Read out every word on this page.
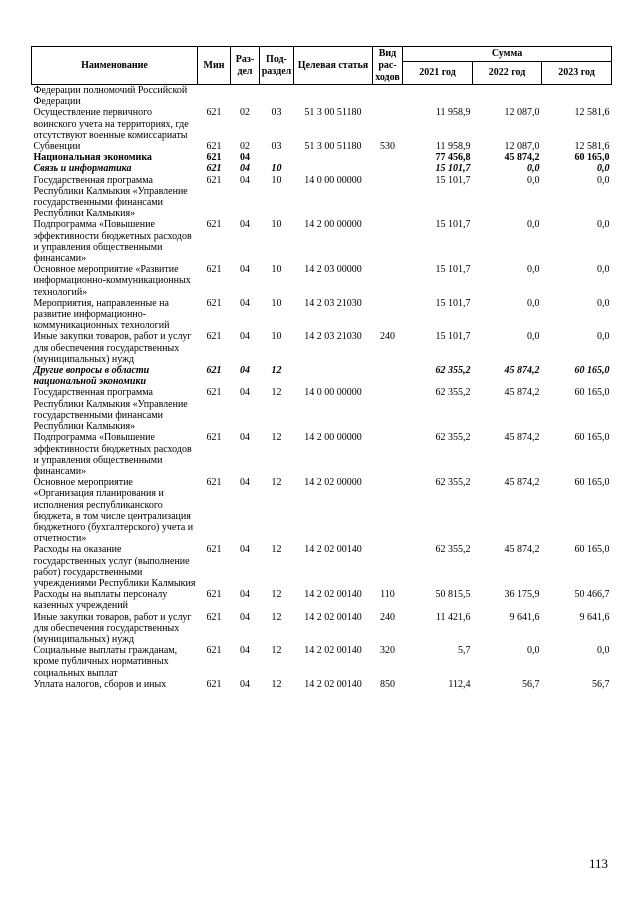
Наименование	Мин	Раз-дел	Под-раздел	Целевая статья	Вид рас-ходов	Сумма		
						2021 год	2022 год	2023 год
Федерации полномочий Российской Федерации								
Осуществление первичного воинского учета на территориях, где отсутствуют военные комиссариаты	621	02	03	51 3 00 51180		11 958,9	12 087,0	12 581,6
Субвенции	621	02	03	51 3 00 51180	530	11 958,9	12 087,0	12 581,6
Национальная экономика	621	04				77 456,8	45 874,2	60 165,0
Связь и информатика	621	04	10			15 101,7	0,0	0,0
Государственная программа Республики Калмыкия «Управление государственными финансами Республики Калмыкия»	621	04	10	14 0 00 00000		15 101,7	0,0	0,0
Подпрограмма «Повышение эффективности бюджетных расходов и управления общественными финансами»	621	04	10	14 2 00 00000		15 101,7	0,0	0,0
Основное мероприятие «Развитие информационно-коммуникационных технологий»	621	04	10	14 2 03 00000		15 101,7	0,0	0,0
Мероприятия, направленные на развитие информационно-коммуникационных технологий	621	04	10	14 2 03 21030		15 101,7	0,0	0,0
Иные закупки товаров, работ и услуг для обеспечения государственных (муниципальных) нужд	621	04	10	14 2 03 21030	240	15 101,7	0,0	0,0
Другие вопросы в области национальной экономики	621	04	12			62 355,2	45 874,2	60 165,0
Государственная программа Республики Калмыкия «Управление государственными финансами Республики Калмыкия»	621	04	12	14 0 00 00000		62 355,2	45 874,2	60 165,0
Подпрограмма «Повышение эффективности бюджетных расходов и управления общественными финансами»	621	04	12	14 2 00 00000		62 355,2	45 874,2	60 165,0
Основное мероприятие «Организация планирования и исполнения республиканского бюджета, в том числе централизация бюджетного (бухгалтерского) учета и отчетности»	621	04	12	14 2 02 00000		62 355,2	45 874,2	60 165,0
Расходы на оказание государственных услуг (выполнение работ) государственными учреждениями Республики Калмыкия	621	04	12	14 2 02 00140		62 355,2	45 874,2	60 165,0
Расходы на выплаты персоналу казенных учреждений	621	04	12	14 2 02 00140	110	50 815,5	36 175,9	50 466,7
Иные закупки товаров, работ и услуг для обеспечения государственных (муниципальных) нужд	621	04	12	14 2 02 00140	240	11 421,6	9 641,6	9 641,6
Социальные выплаты гражданам, кроме публичных нормативных социальных выплат	621	04	12	14 2 02 00140	320	5,7	0,0	0,0
Уплата налогов, сборов и иных	621	04	12	14 2 02 00140	850	112,4	56,7	56,7
113
